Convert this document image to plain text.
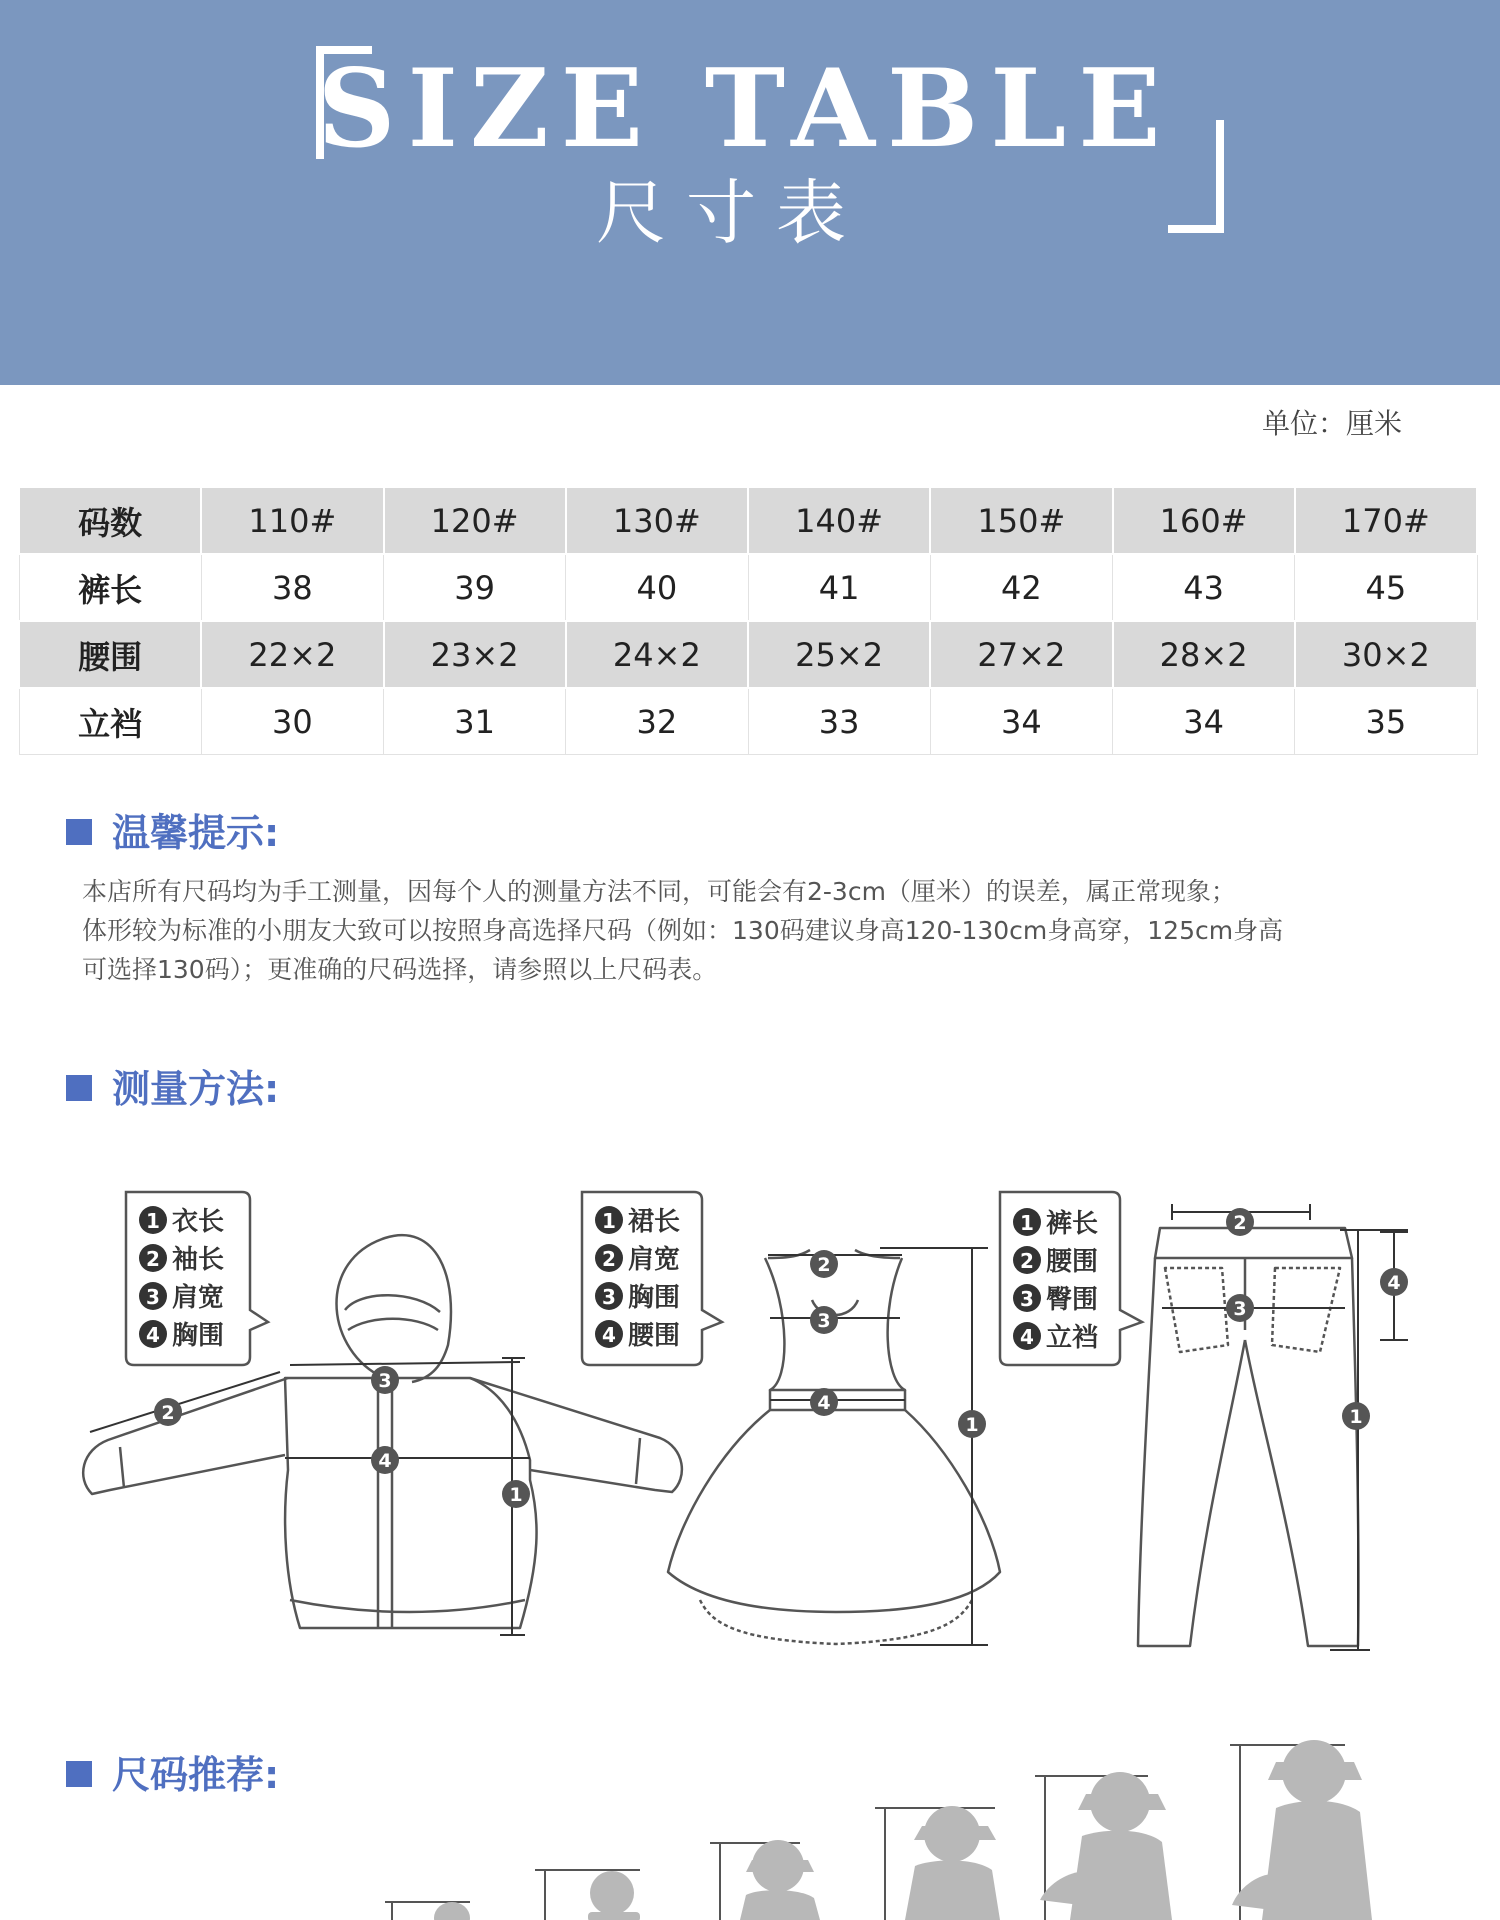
SIZE TABLE
尺寸表
单位：厘米
码数	110#	120#	130#	140#	150#	160#	170#
裤长	38	39	40	41	42	43	45
腰围	22×2	23×2	24×2	25×2	27×2	28×2	30×2
立裆	30	31	32	33	34	34	35
温馨提示:

本店所有尺码均为手工测量，因每个人的测量方法不同，可能会有2-3cm（厘米）的误差，属正常现象；

体形较为标准的小朋友大致可以按照身高选择尺码（例如：130码建议身高120-130cm身高穿，125cm身高

可选择130码）；更准确的尺码选择，请参照以上尺码表。

测量方法:
1 衣长
2 袖长
3 肩宽
4 胸围
1 裙长
2 肩宽
3 胸围
4 腰围
1 裤长
2 腰围
3 臀围
4 立裆
1
2
3
4
1
2
3
4
1
2
3
4
尺码推荐:
